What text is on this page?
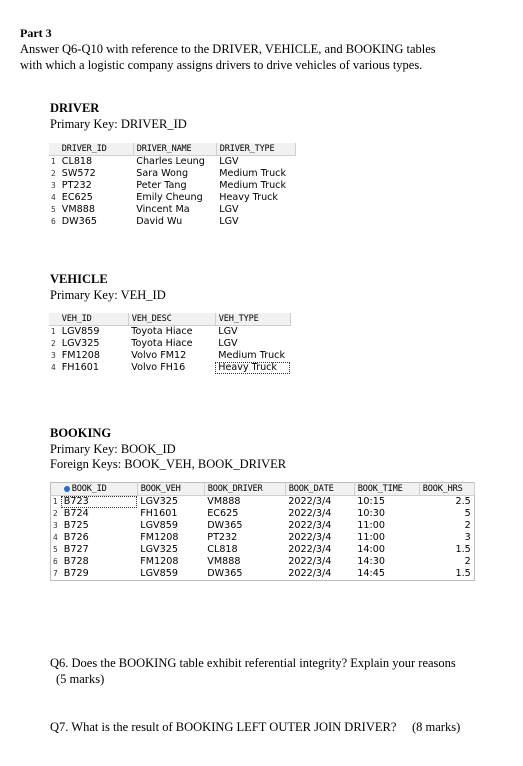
Part 3
Answer Q6-Q10 with reference to the DRIVER, VEHICLE, and BOOKING tables
with which a logistic company assigns drivers to drive vehicles of various types.
DRIVER
Primary Key: DRIVER_ID
	DRIVER_ID	DRIVER_NAME	DRIVER_TYPE
1	CL818	Charles Leung	LGV
2	SW572	Sara Wong	Medium Truck
3	PT232	Peter Tang	Medium Truck
4	EC625	Emily Cheung	Heavy Truck
5	VM888	Vincent Ma	LGV
6	DW365	David Wu	LGV
VEHICLE
Primary Key: VEH_ID
	VEH_ID	VEH_DESC	VEH_TYPE
1	LGV859	Toyota Hiace	LGV
2	LGV325	Toyota Hiace	LGV
3	FM1208	Volvo FM12	Medium Truck
4	FH1601	Volvo FH16	Heavy Truck
BOOKING
Primary Key: BOOK_ID
Foreign Keys: BOOK_VEH, BOOK_DRIVER
	BOOK_ID	BOOK_VEH	BOOK_DRIVER	BOOK_DATE	BOOK_TIME	BOOK_HRS
1	B723	LGV325	VM888	2022/3/4	10:15	2.5
2	B724	FH1601	EC625	2022/3/4	10:30	5
3	B725	LGV859	DW365	2022/3/4	11:00	2
4	B726	FM1208	PT232	2022/3/4	11:00	3
5	B727	LGV325	CL818	2022/3/4	14:00	1.5
6	B728	FM1208	VM888	2022/3/4	14:30	2
7	B729	LGV859	DW365	2022/3/4	14:45	1.5
Q6. Does the BOOKING table exhibit referential integrity? Explain your reasons
(5 marks)
Q7. What is the result of BOOKING LEFT OUTER JOIN DRIVER? (8 marks)
